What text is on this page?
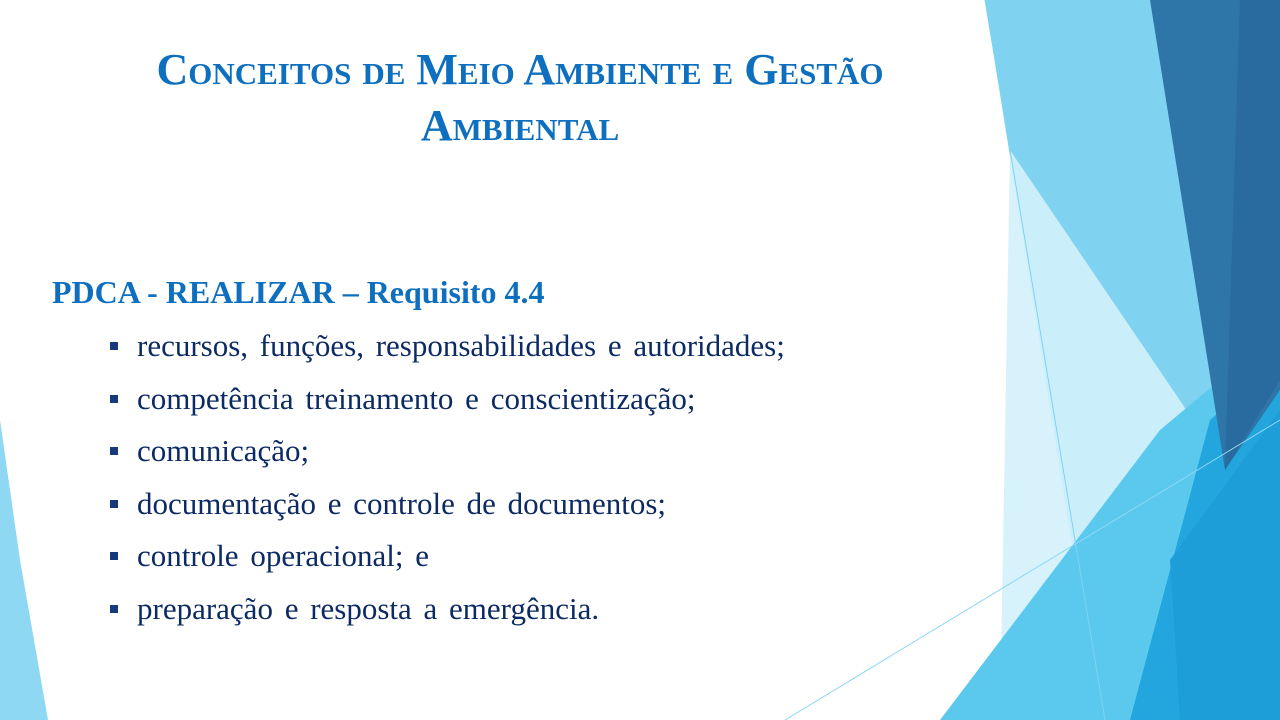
Conceitos de Meio Ambiente e Gestão
Ambiental
PDCA - REALIZAR – Requisito 4.4
recursos, funções, responsabilidades e autoridades;
competência treinamento e conscientização;
comunicação;
documentação e controle de documentos;
controle operacional; e
preparação e resposta a emergência.
